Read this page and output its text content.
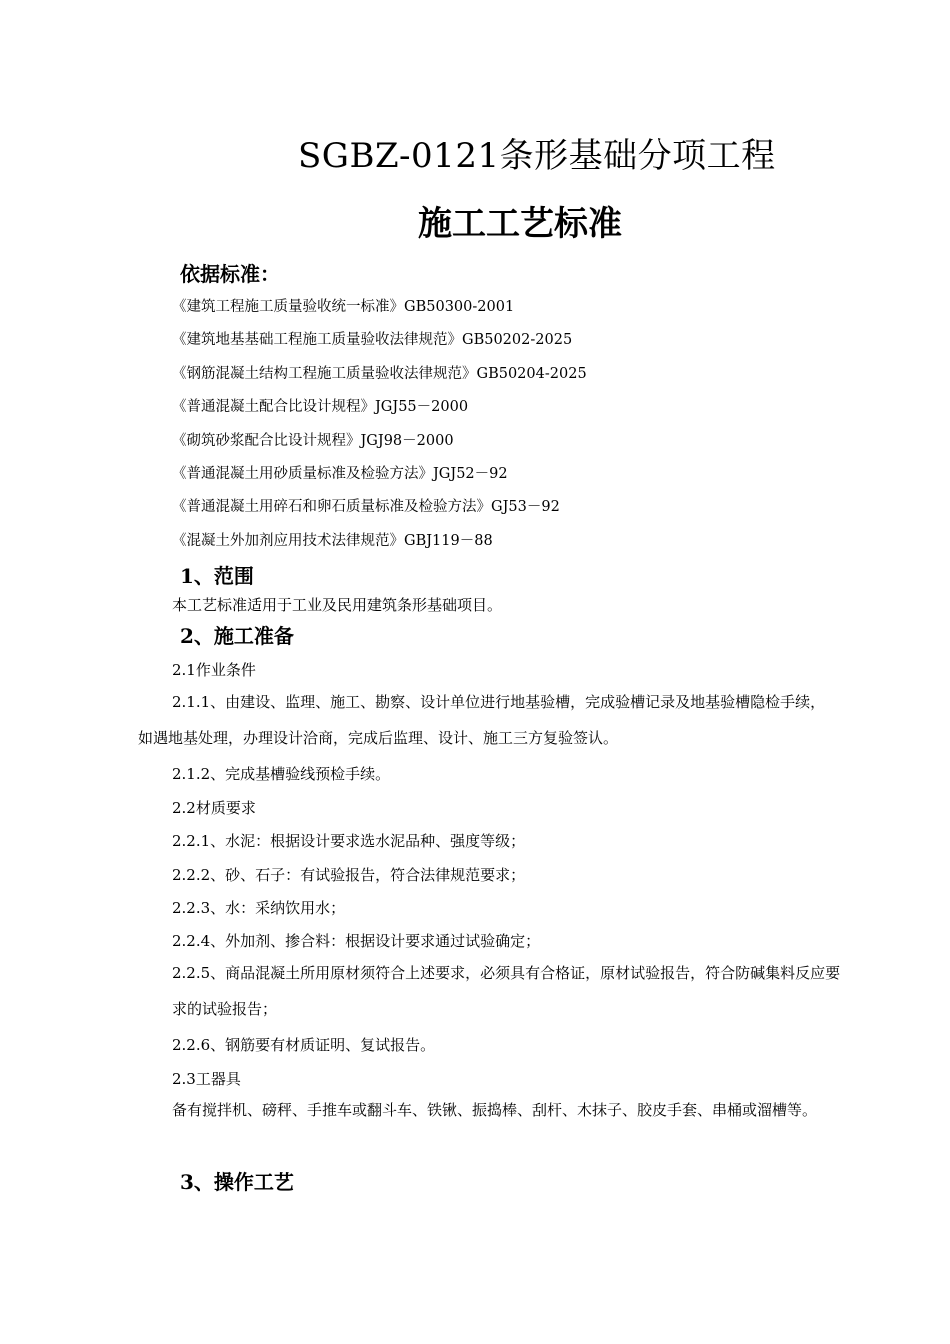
SGBZ-0121条形基础分项工程
施工工艺标准
依据标准：
《建筑工程施工质量验收统一标准》GB50300-2001
《建筑地基基础工程施工质量验收法律规范》GB50202-2025
《钢筋混凝土结构工程施工质量验收法律规范》GB50204-2025
《普通混凝土配合比设计规程》JGJ55－2000
《砌筑砂浆配合比设计规程》JGJ98－2000
《普通混凝土用砂质量标准及检验方法》JGJ52－92
《普通混凝土用碎石和卵石质量标准及检验方法》GJ53－92
《混凝土外加剂应用技术法律规范》GBJ119－88
1、范围
本工艺标准适用于工业及民用建筑条形基础项目。
2、施工准备
2.1作业条件
2.1.1、由建设、监理、施工、勘察、设计单位进行地基验槽，完成验槽记录及地基验槽隐检手续，如遇地基处理，办理设计洽商，完成后监理、设计、施工三方复验签认。
2.1.2、完成基槽验线预检手续。
2.2材质要求
2.2.1、水泥：根据设计要求选水泥品种、强度等级；
2.2.2、砂、石子：有试验报告，符合法律规范要求；
2.2.3、水：采纳饮用水；
2.2.4、外加剂、掺合料：根据设计要求通过试验确定；
2.2.5、商品混凝土所用原材须符合上述要求，必须具有合格证，原材试验报告，符合防碱集料反应要求的试验报告；
2.2.6、钢筋要有材质证明、复试报告。
2.3工器具
备有搅拌机、磅秤、手推车或翻斗车、铁锹、振捣棒、刮杆、木抹子、胶皮手套、串桶或溜槽等。
3、操作工艺
